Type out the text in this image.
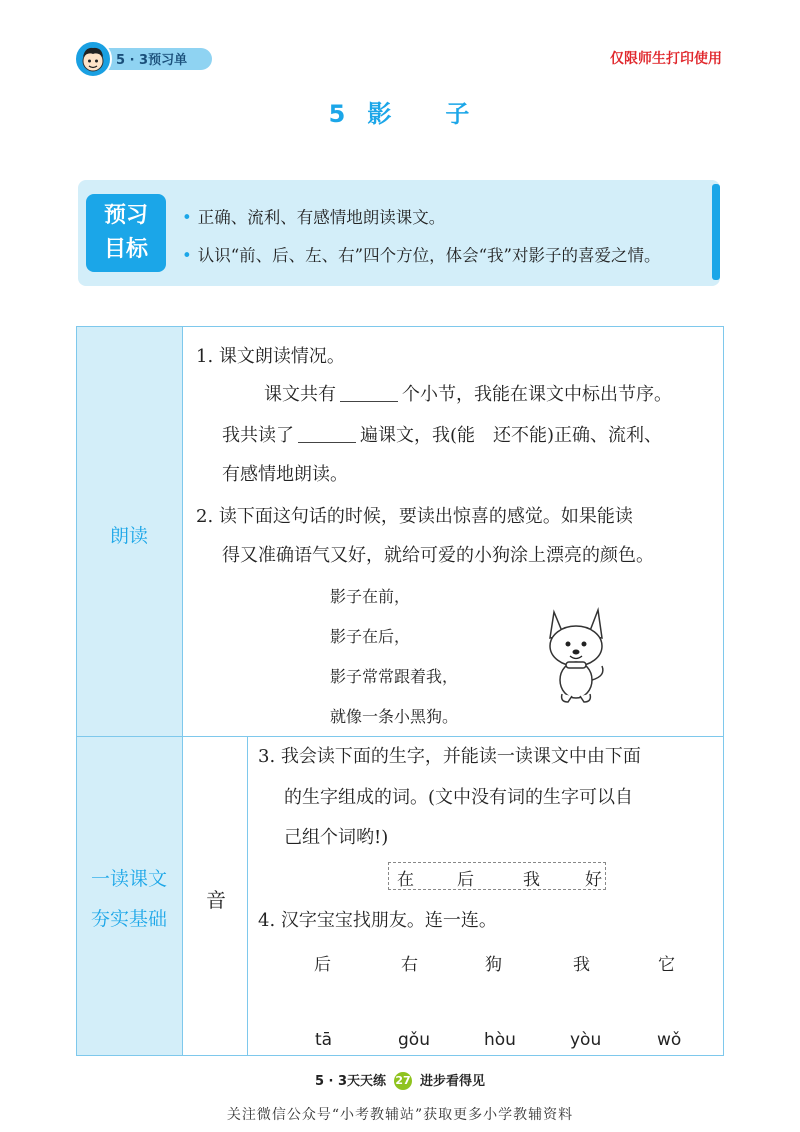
5 · 3预习单	仅限师生打印使用
5 影 子
预习
目标
• 正确、流利、有感情地朗读课文。
• 认识“前、后、左、右”四个方位，体会“我”对影子的喜爱之情。
朗读
一读课文
夯实基础
音
1. 课文朗读情况。
课文共有	个小节，我能在课文中标出节序。
我共读了	遍课文，我(能　还不能)正确、流利、
有感情地朗读。
2. 读下面这句话的时候，要读出惊喜的感觉。如果能读
得又准确语气又好，就给可爱的小狗涂上漂亮的颜色。
影子在前，
影子在后，
影子常常跟着我，
就像一条小黑狗。
3. 我会读下面的生字，并能读一读课文中由下面
的生字组成的词。(文中没有词的生字可以自
己组个词哟!)
在	后	我	好
4. 汉字宝宝找朋友。连一连。
后	右	狗	我	它
tā	gǒu	hòu	yòu	wǒ
5 · 3天天练 27 进步看得见
关注微信公众号“小考教辅站”获取更多小学教辅资料
